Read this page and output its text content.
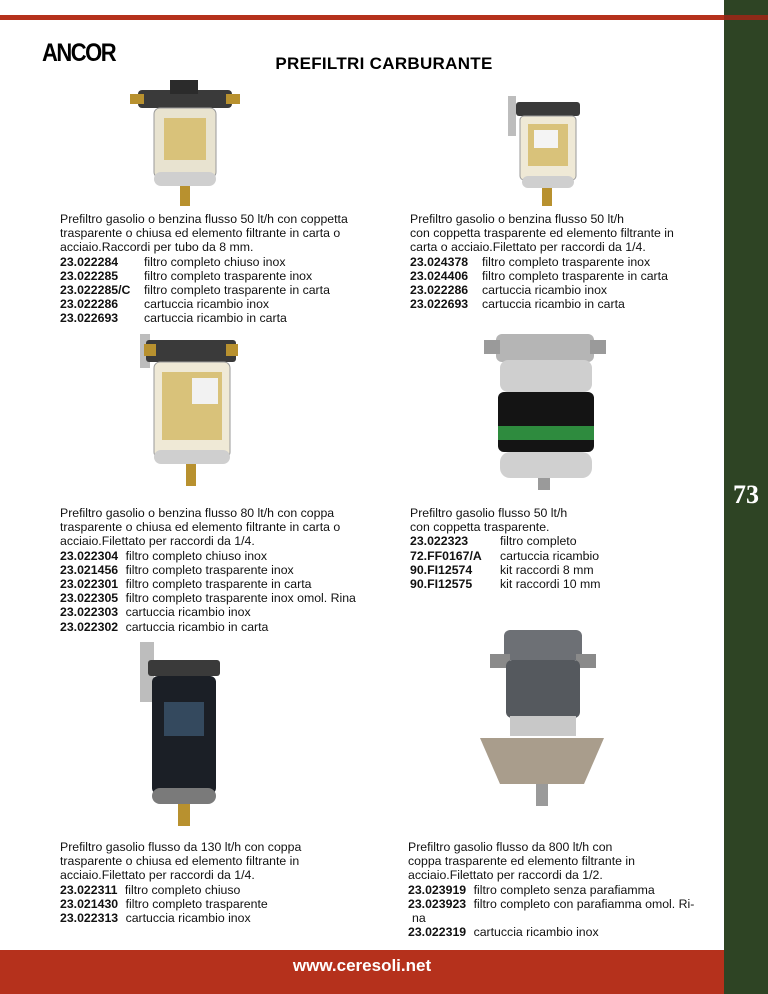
73
ANCOR	PREFILTRI CARBURANTE
Prefiltro gasolio o benzina flusso 50 lt/h con coppetta
trasparente o chiusa ed elemento filtrante in carta o
acciaio.Raccordi per tubo da 8 mm.
23.022284 filtro completo chiuso inox
23.022285 filtro completo trasparente inox
23.022285/C filtro completo trasparente in carta
23.022286 cartuccia ricambio inox
23.022693 cartuccia ricambio in carta
Prefiltro gasolio o benzina flusso 50 lt/h
con coppetta trasparente ed elemento filtrante in
carta o acciaio.Filettato per raccordi da 1/4.
23.024378 filtro completo trasparente inox
23.024406 filtro completo trasparente in carta
23.022286 cartuccia ricambio inox
23.022693 cartuccia ricambio in carta
Prefiltro gasolio o benzina flusso 80 lt/h con coppa
trasparente o chiusa ed elemento filtrante in carta o
acciaio.Filettato per raccordi da 1/4.
23.022304 filtro completo chiuso inox
23.021456 filtro completo trasparente inox
23.022301 filtro completo trasparente in carta
23.022305 filtro completo trasparente inox omol. Rina
23.022303 cartuccia ricambio inox
23.022302 cartuccia ricambio in carta
Prefiltro gasolio flusso 50 lt/h
con coppetta trasparente.
23.022323	filtro completo
72.FF0167/A cartuccia ricambio
90.FI12574 kit raccordi 8 mm
90.FI12575 kit raccordi 10 mm
Prefiltro gasolio flusso da 130 lt/h con coppa
trasparente o chiusa ed elemento filtrante in
acciaio.Filettato per raccordi da 1/4.
23.022311 filtro completo chiuso
23.021430 filtro completo trasparente
23.022313 cartuccia ricambio inox
Prefiltro gasolio flusso da 800 lt/h con
coppa trasparente ed elemento filtrante in
acciaio.Filettato per raccordi da 1/2.
23.023919 filtro completo senza parafiamma
23.023923 filtro completo con parafiamma omol. Ri-
na
23.022319 cartuccia ricambio inox
www.ceresoli.net
